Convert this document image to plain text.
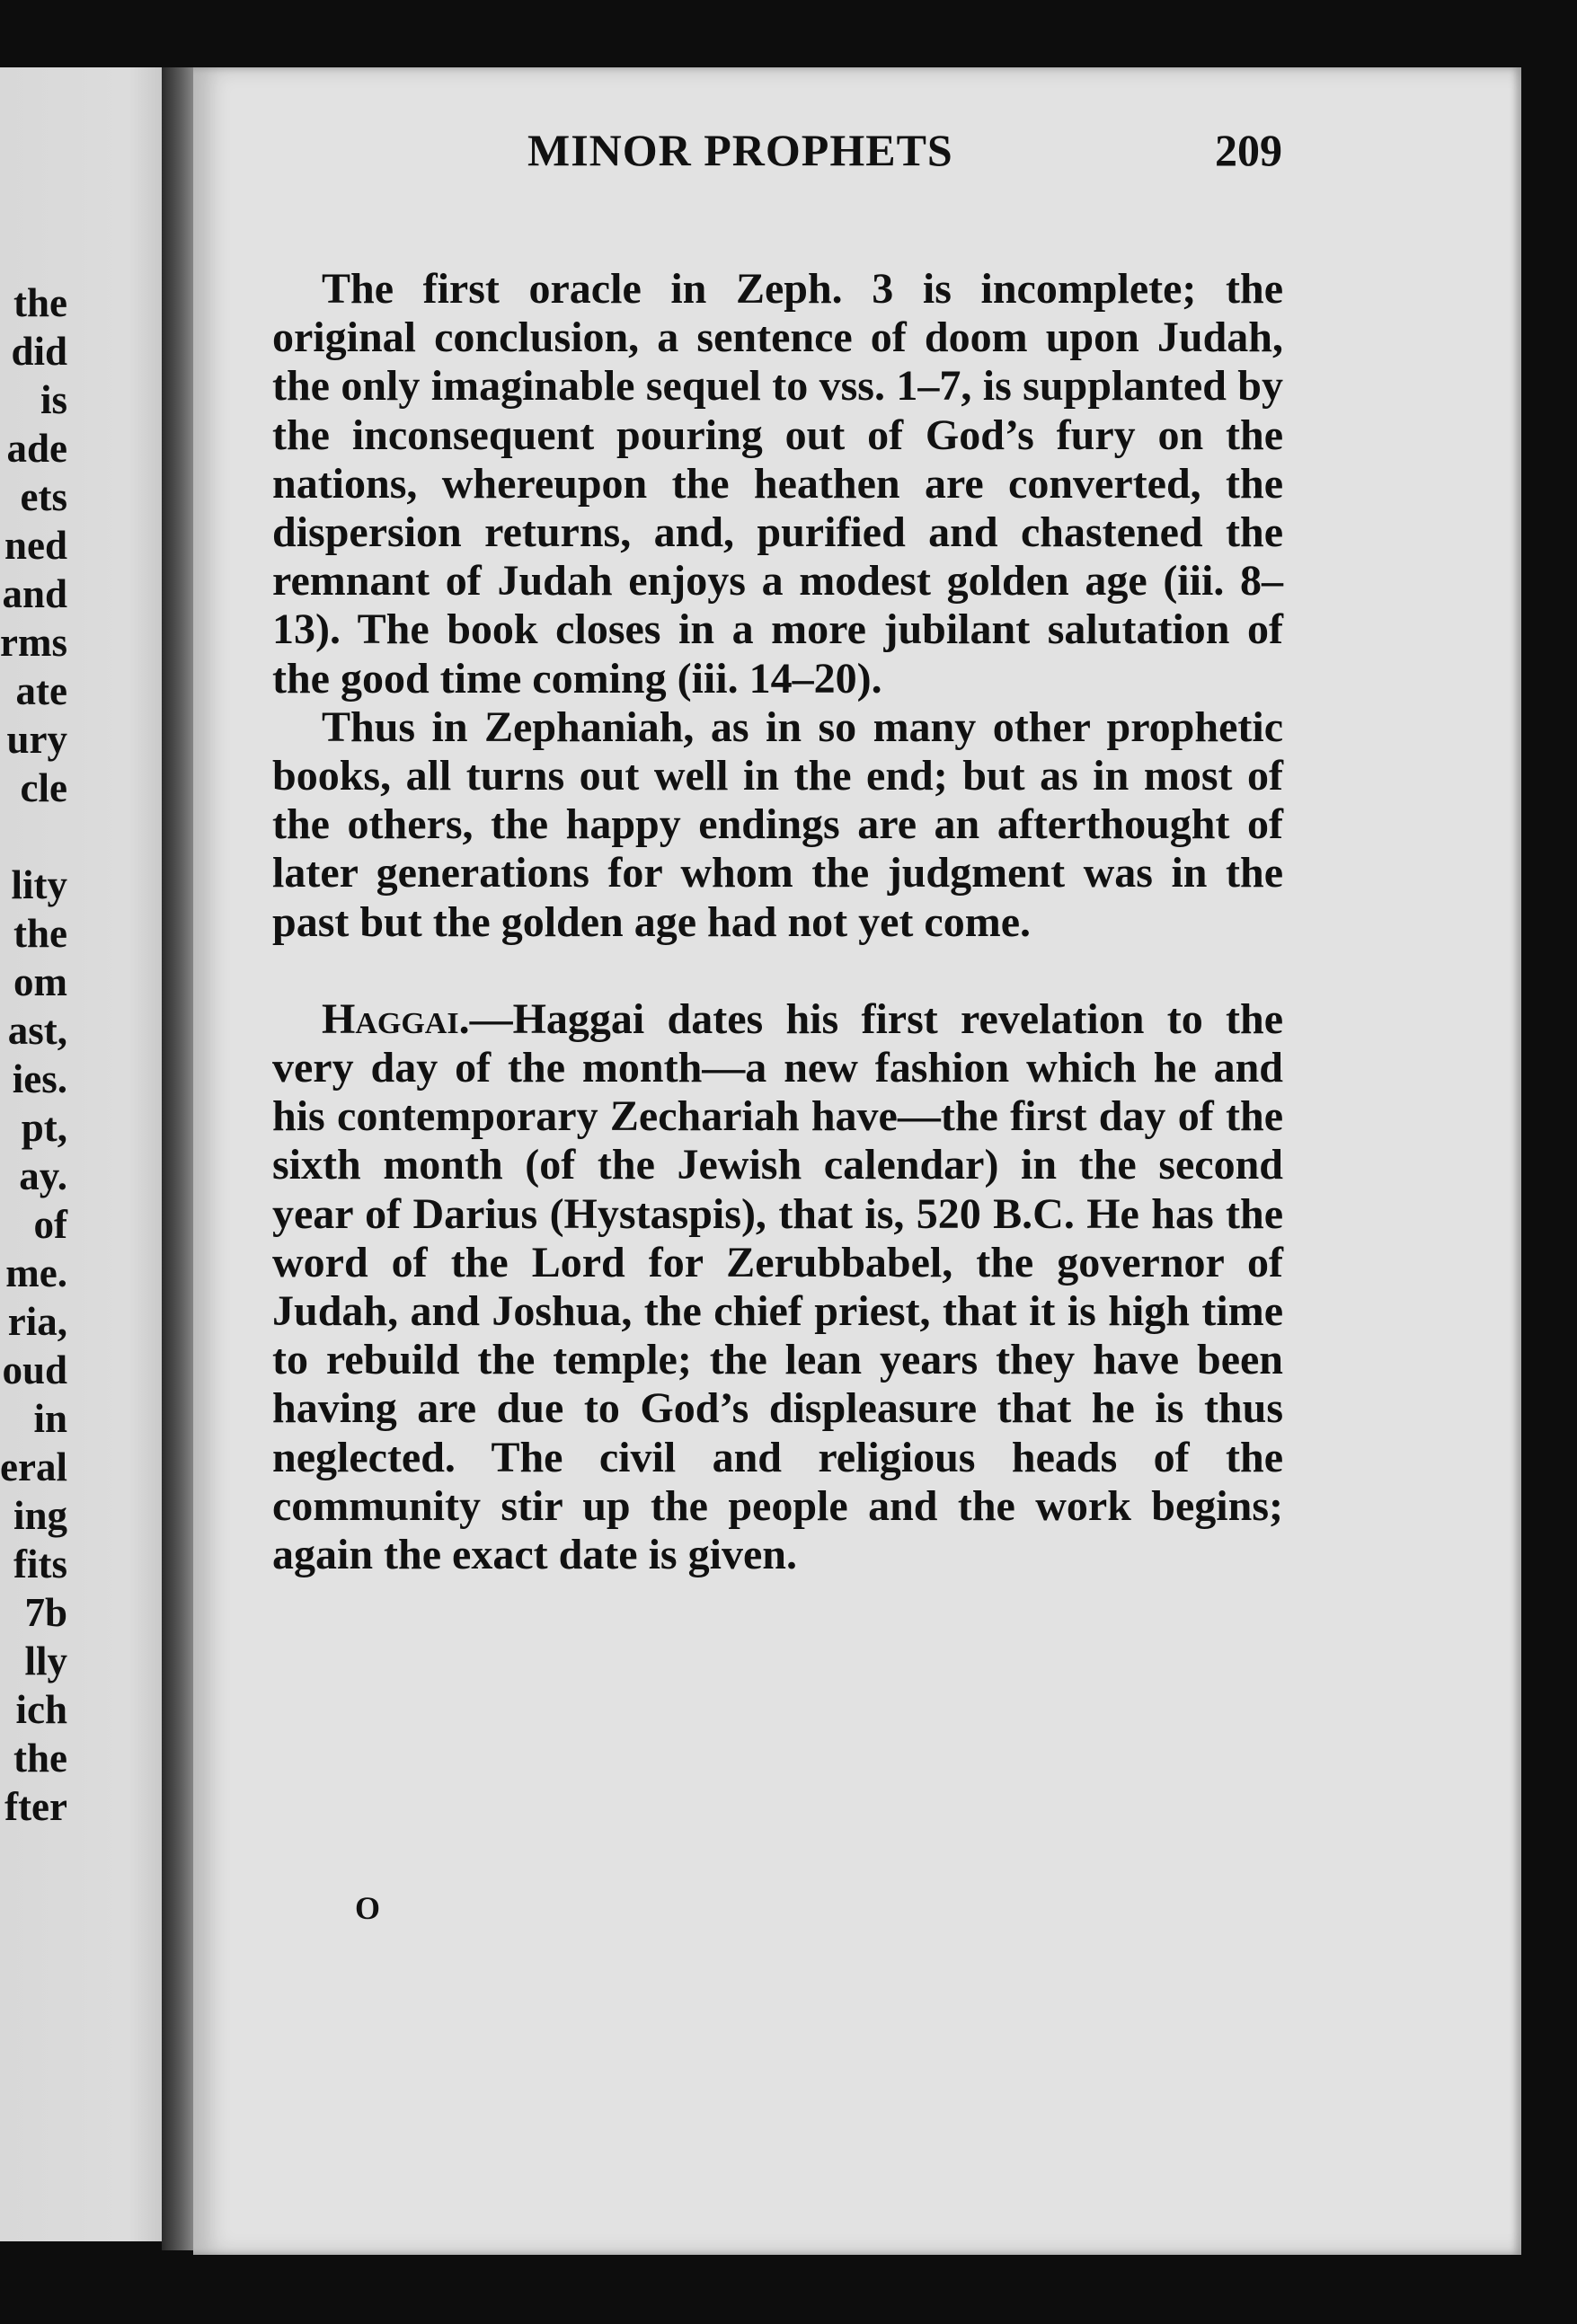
the
did
is
ade
ets
ned
and
rms
ate
ury
cle
lity
the
om
ast,
ies.
pt,
ay.
of
me.
ria,
oud
in
eral
ing
fits
7b
lly
ich
the
fter
MINOR PROPHETS	209

The first oracle in Zeph. 3 is incomplete; the original conclusion, a sentence of doom upon Judah, the only imaginable sequel to vss. 1–7, is supplanted by the inconsequent pouring out of God’s fury on the nations, whereupon the heathen are converted, the dispersion returns, and, purified and chastened the remnant of Judah enjoys a modest golden age (iii. 8–13). The book closes in a more jubilant salutation of the good time coming (iii. 14–20).

Thus in Zephaniah, as in so many other prophetic books, all turns out well in the end; but as in most of the others, the happy endings are an afterthought of later generations for whom the judgment was in the past but the golden age had not yet come.

Haggai.—Haggai dates his first revelation to the very day of the month—a new fashion which he and his contemporary Zechariah have—the first day of the sixth month (of the Jewish calendar) in the second year of Darius (Hystaspis), that is, 520 B.C. He has the word of the Lord for Zerubbabel, the governor of Judah, and Joshua, the chief priest, that it is high time to rebuild the temple; the lean years they have been having are due to God’s displeasure that he is thus neglected. The civil and religious heads of the community stir up the people and the work begins; again the exact date is given.

O
